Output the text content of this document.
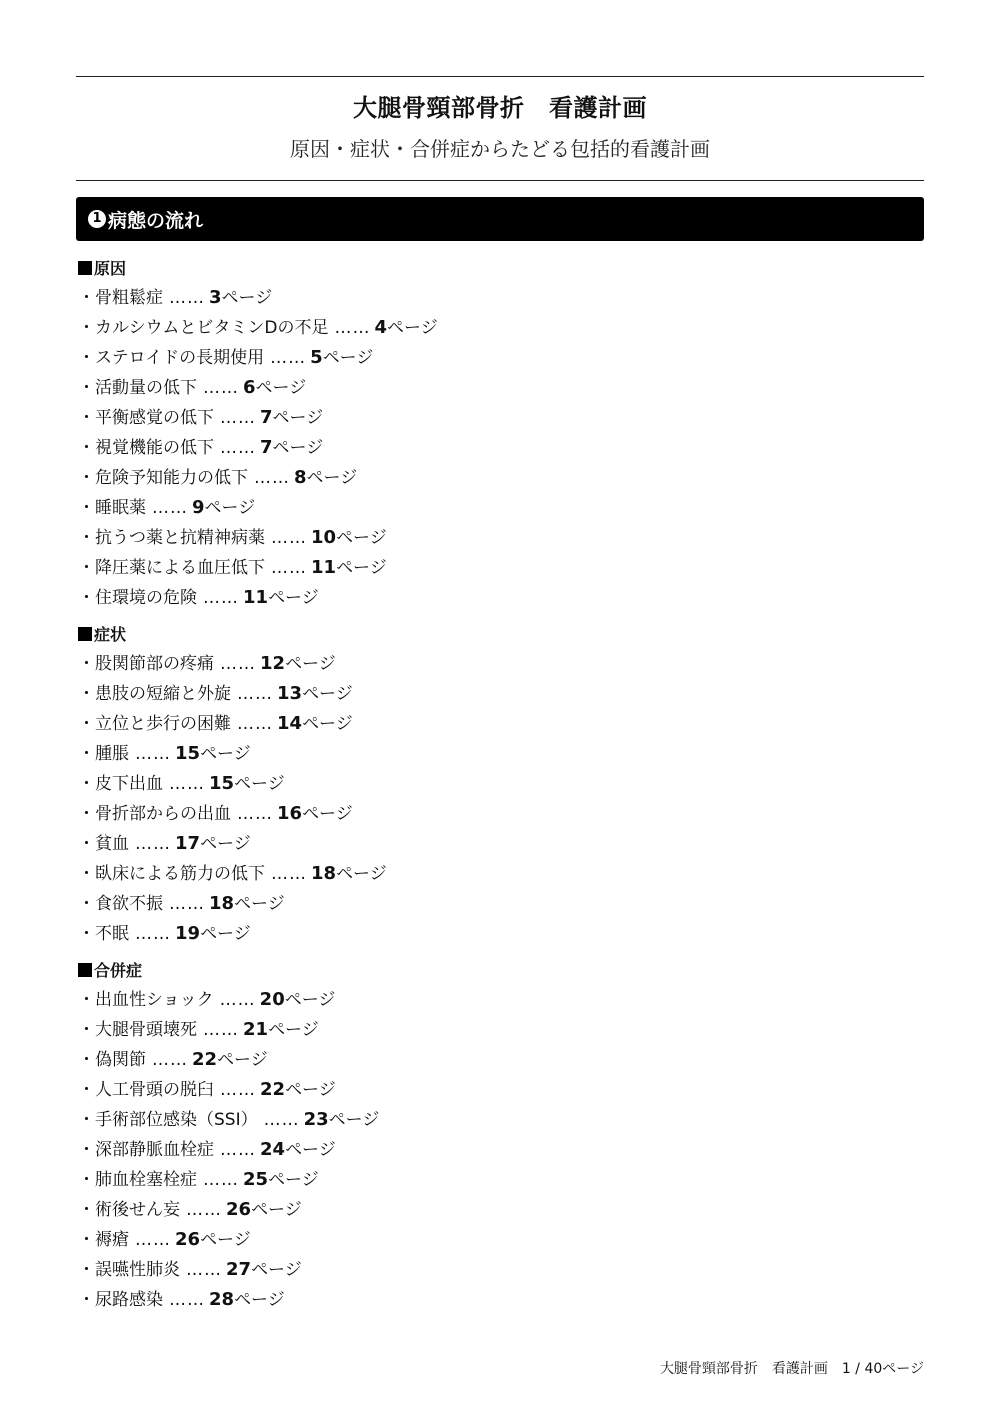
大腿骨頸部骨折　看護計画
原因・症状・合併症からたどる包括的看護計画
1 病態の流れ
原因
・骨粗鬆症 …… 3ページ
・カルシウムとビタミンDの不足 …… 4ページ
・ステロイドの長期使用 …… 5ページ
・活動量の低下 …… 6ページ
・平衡感覚の低下 …… 7ページ
・視覚機能の低下 …… 7ページ
・危険予知能力の低下 …… 8ページ
・睡眠薬 …… 9ページ
・抗うつ薬と抗精神病薬 …… 10ページ
・降圧薬による血圧低下 …… 11ページ
・住環境の危険 …… 11ページ
症状
・股関節部の疼痛 …… 12ページ
・患肢の短縮と外旋 …… 13ページ
・立位と歩行の困難 …… 14ページ
・腫脹 …… 15ページ
・皮下出血 …… 15ページ
・骨折部からの出血 …… 16ページ
・貧血 …… 17ページ
・臥床による筋力の低下 …… 18ページ
・食欲不振 …… 18ページ
・不眠 …… 19ページ
合併症
・出血性ショック …… 20ページ
・大腿骨頭壊死 …… 21ページ
・偽関節 …… 22ページ
・人工骨頭の脱臼 …… 22ページ
・手術部位感染（SSI） …… 23ページ
・深部静脈血栓症 …… 24ページ
・肺血栓塞栓症 …… 25ページ
・術後せん妄 …… 26ページ
・褥瘡 …… 26ページ
・誤嚥性肺炎 …… 27ページ
・尿路感染 …… 28ページ
大腿骨頸部骨折　看護計画　1 / 40ページ
